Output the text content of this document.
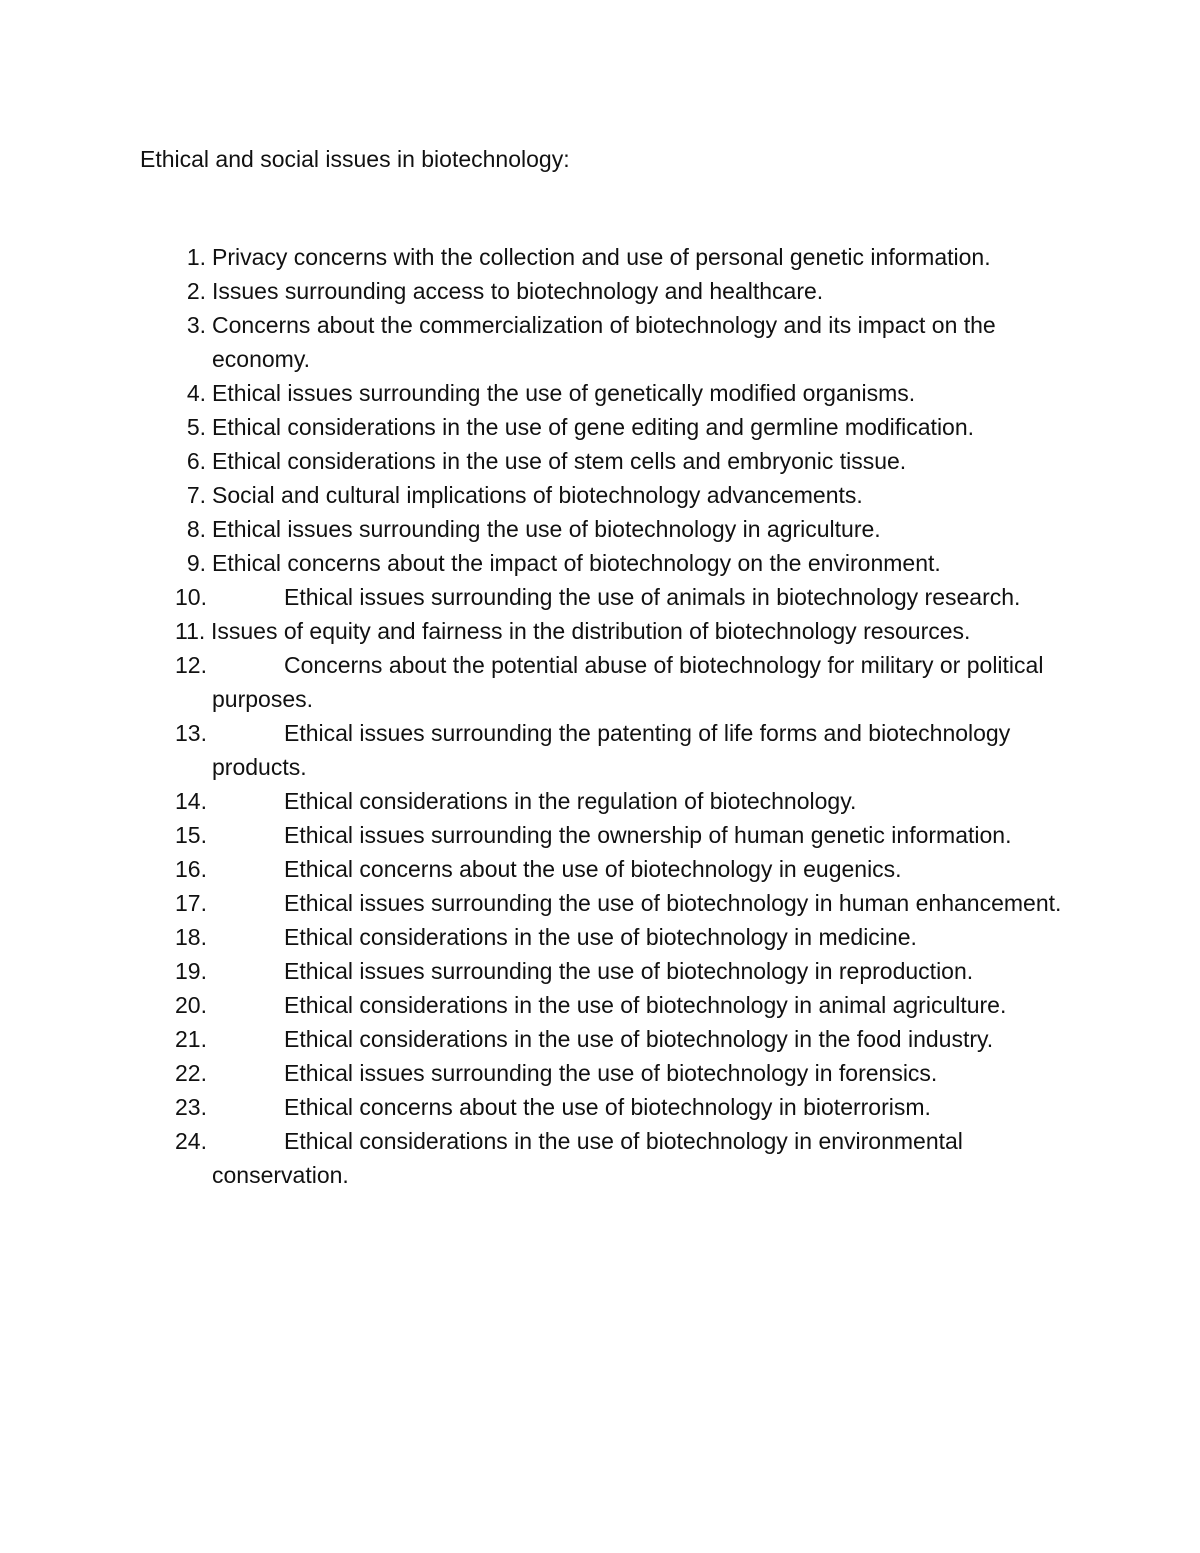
Ethical and social issues in biotechnology:
1. Privacy concerns with the collection and use of personal genetic information.
2. Issues surrounding access to biotechnology and healthcare.
3. Concerns about the commercialization of biotechnology and its impact on the economy.
4. Ethical issues surrounding the use of genetically modified organisms.
5. Ethical considerations in the use of gene editing and germline modification.
6. Ethical considerations in the use of stem cells and embryonic tissue.
7. Social and cultural implications of biotechnology advancements.
8. Ethical issues surrounding the use of biotechnology in agriculture.
9. Ethical concerns about the impact of biotechnology on the environment.
10.	Ethical issues surrounding the use of animals in biotechnology research.
11. Issues of equity and fairness in the distribution of biotechnology resources.
12.	Concerns about the potential abuse of biotechnology for military or political purposes.
13.	Ethical issues surrounding the patenting of life forms and biotechnology products.
14.	Ethical considerations in the regulation of biotechnology.
15.	Ethical issues surrounding the ownership of human genetic information.
16.	Ethical concerns about the use of biotechnology in eugenics.
17.	Ethical issues surrounding the use of biotechnology in human enhancement.
18.	Ethical considerations in the use of biotechnology in medicine.
19.	Ethical issues surrounding the use of biotechnology in reproduction.
20.	Ethical considerations in the use of biotechnology in animal agriculture.
21.	Ethical considerations in the use of biotechnology in the food industry.
22.	Ethical issues surrounding the use of biotechnology in forensics.
23.	Ethical concerns about the use of biotechnology in bioterrorism.
24.	Ethical considerations in the use of biotechnology in environmental conservation.
